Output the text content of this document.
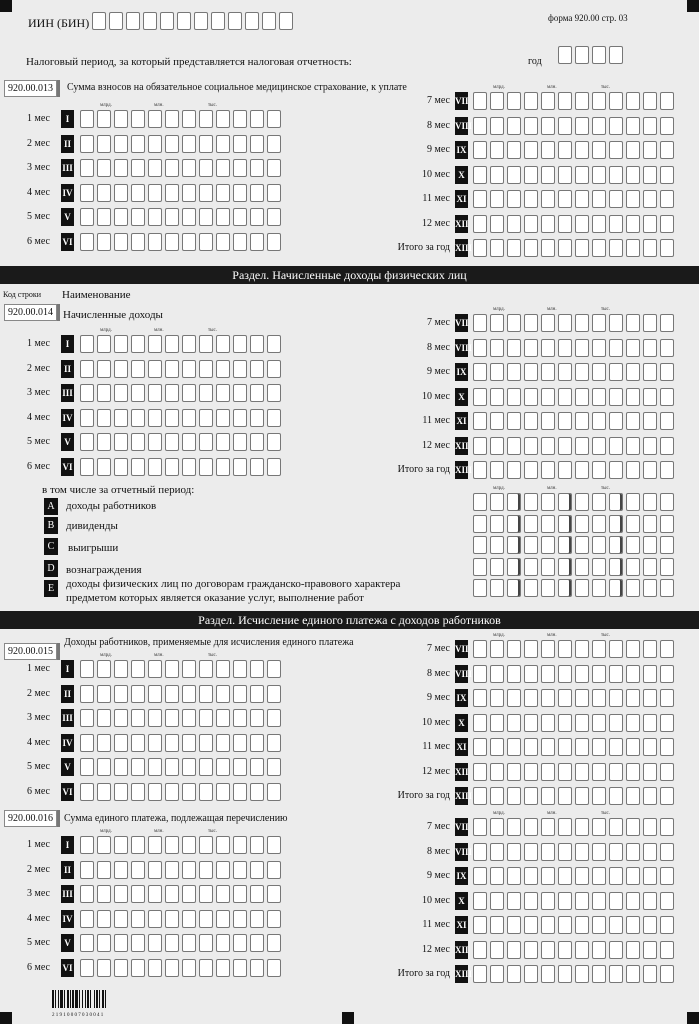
ИИН (БИН)	форма 920.00 стр. 03
Налоговый период, за который представляется налоговая отчетность:	год
Раздел. Начисленные доходы физических лиц
Раздел. Исчисление единого платежа с доходов работников
Код строки Наименование
920.00.013	Сумма взносов на обязательное социальное медицинское страхование, к уплате
920.00.014 Начисленные доходы
920.00.015
Доходы работников, применяемые для исчисления единого платежа
920.00.016	Сумма единого платежа, подлежащая перечислению
млрд.	млн.	тыс.
1 мес	I
2 мес	II
3 мес III
4 мес IV
5 мес	V
6 мес VI
млрд.	млн.	тыс.
7 мес VII
8 мес VIII
9 мес IX
10 мес X
11 мес XI
12 мес XII
Итого за год XIII
млрд.	млн.	тыс.
1 мес	I
2 мес	II
3 мес III
4 мес IV
5 мес	V
6 мес VI
млрд.	млн.	тыс.
7 мес VII
8 мес VIII
9 мес IX
10 мес X
11 мес XI
12 мес XII
Итого за год XIII
млрд.	млн.	тыс.
1 мес	I
2 мес	II
3 мес III
4 мес IV
5 мес	V
6 мес VI
млрд.	млн.	тыс.
7 мес VII
8 мес VIII
9 мес IX
10 мес X
11 мес XI
12 мес XII
Итого за год XIII
млрд.	млн.	тыс.
1 мес	I
2 мес	II
3 мес III
4 мес IV
5 мес	V
6 мес VI
млрд.	млн.	тыс.
7 мес VII
8 мес VIII
9 мес IX
10 мес X
11 мес XI
12 мес XII
Итого за год XIII
млрд.	млн.	тыс.
в том числе за отчетный период:
A	доходы работников
B	дивиденды
C	выигрыши
D	вознаграждения
E	доходы физических лиц по договорам гражданско-правового характера
предметом которых является оказание услуг, выполнение работ
2 1 9 1 0 0 0 7 0 3 0 0 4 1
